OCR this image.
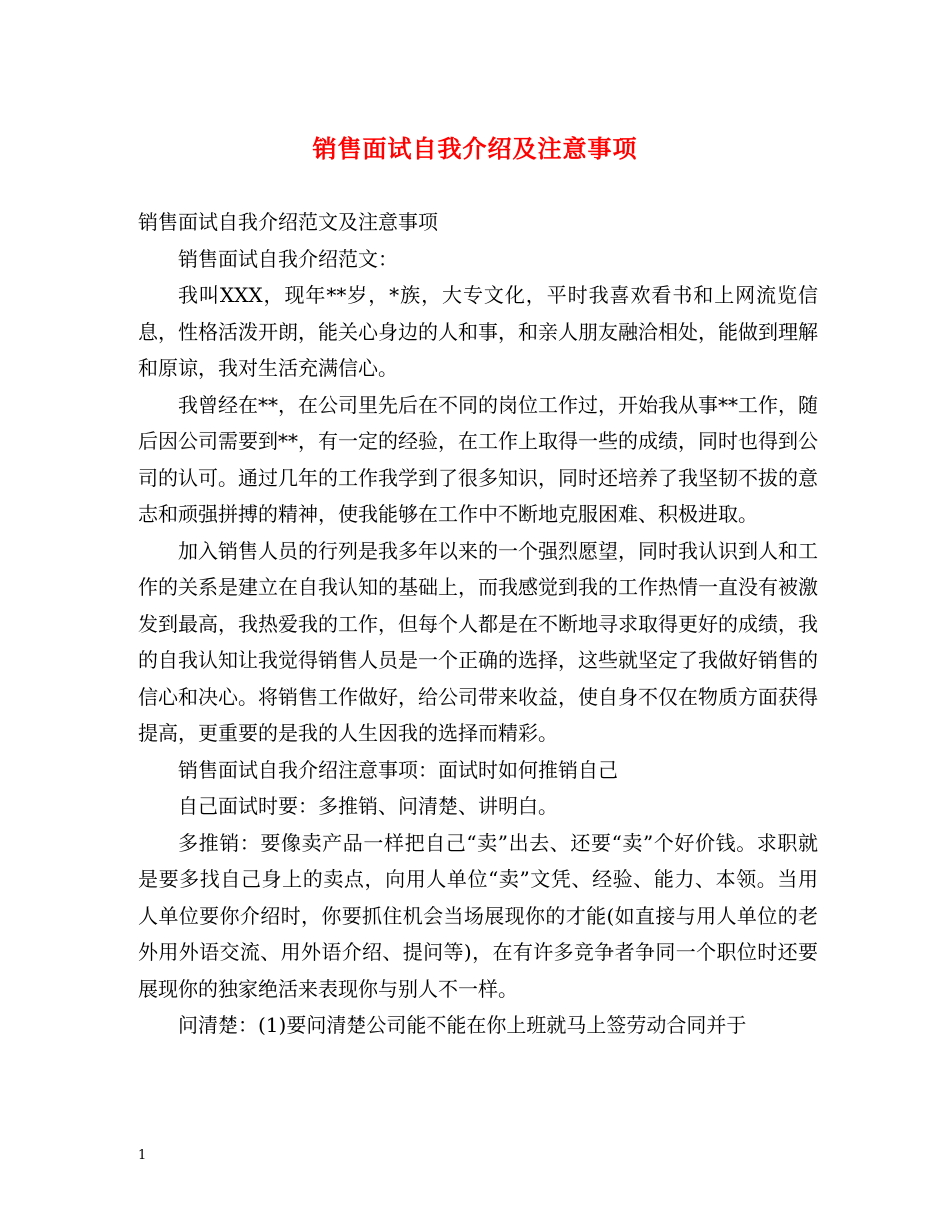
销售面试自我介绍及注意事项

销售面试自我介绍范文及注意事项

销售面试自我介绍范文：

我叫XXX，现年**岁，*族，大专文化，平时我喜欢看书和上网流览信息，性格活泼开朗，能关心身边的人和事，和亲人朋友融洽相处，能做到理解和原谅，我对生活充满信心。

我曾经在**，在公司里先后在不同的岗位工作过，开始我从事**工作，随后因公司需要到**，有一定的经验，在工作上取得一些的成绩，同时也得到公司的认可。通过几年的工作我学到了很多知识，同时还培养了我坚韧不拔的意志和顽强拼搏的精神，使我能够在工作中不断地克服困难、积极进取。

加入销售人员的行列是我多年以来的一个强烈愿望，同时我认识到人和工作的关系是建立在自我认知的基础上，而我感觉到我的工作热情一直没有被激发到最高，我热爱我的工作，但每个人都是在不断地寻求取得更好的成绩，我的自我认知让我觉得销售人员是一个正确的选择，这些就坚定了我做好销售的信心和决心。将销售工作做好，给公司带来收益，使自身不仅在物质方面获得提高，更重要的是我的人生因我的选择而精彩。

销售面试自我介绍注意事项：面试时如何推销自己

自己面试时要：多推销、问清楚、讲明白。

多推销：要像卖产品一样把自己“卖”出去、还要“卖”个好价钱。求职就是要多找自己身上的卖点，向用人单位“卖”文凭、经验、能力、本领。当用人单位要你介绍时，你要抓住机会当场展现你的才能(如直接与用人单位的老外用外语交流、用外语介绍、提问等)，在有许多竞争者争同一个职位时还要展现你的独家绝活来表现你与别人不一样。

问清楚：(1)要问清楚公司能不能在你上班就马上签劳动合同并于

1
